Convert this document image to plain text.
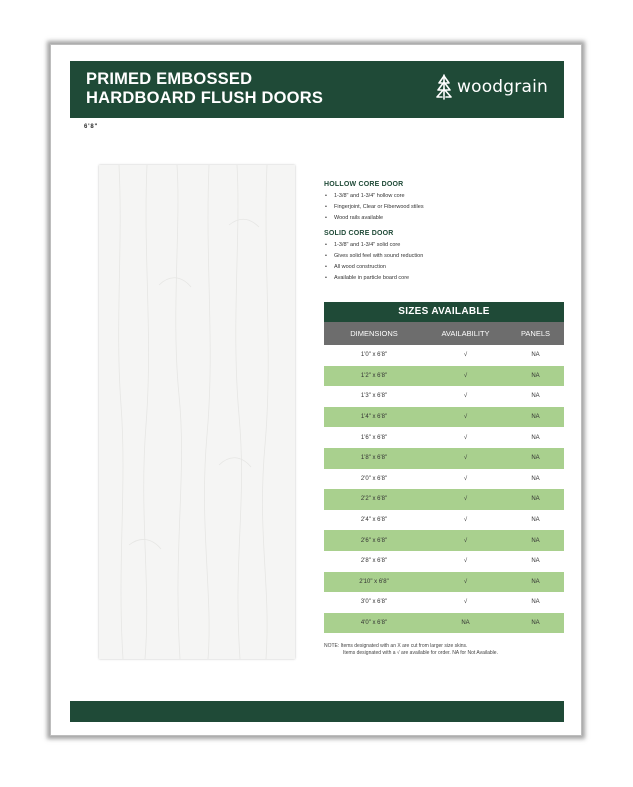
PRIMED EMBOSSED
HARDBOARD FLUSH DOORS
woodgrain
6'8"
HOLLOW CORE DOOR
• 1-3/8" and 1-3/4" hollow core
• Fingerjoint, Clear or Fiberwood stiles
• Wood rails available
SOLID CORE DOOR
• 1-3/8" and 1-3/4" solid core
• Gives solid feel with sound reduction
• All wood construction
• Available in particle board core
SIZES AVAILABLE
DIMENSIONS	AVAILABILITY	PANELS
1'0" x 6'8"	√	NA
1'2" x 6'8"	√	NA
1'3" x 6'8"	√	NA
1'4" x 6'8"	√	NA
1'6" x 6'8"	√	NA
1'8" x 6'8"	√	NA
2'0" x 6'8"	√	NA
2'2" x 6'8"	√	NA
2'4" x 6'8"	√	NA
2'6" x 6'8"	√	NA
2'8" x 6'8"	√	NA
2'10" x 6'8"	√	NA
3'0" x 6'8"	√	NA
4'0" x 6'8"	NA	NA
NOTE: Items designated with an X are cut from larger size skins.
Items designated with a √ are available for order. NA for Not Available.
